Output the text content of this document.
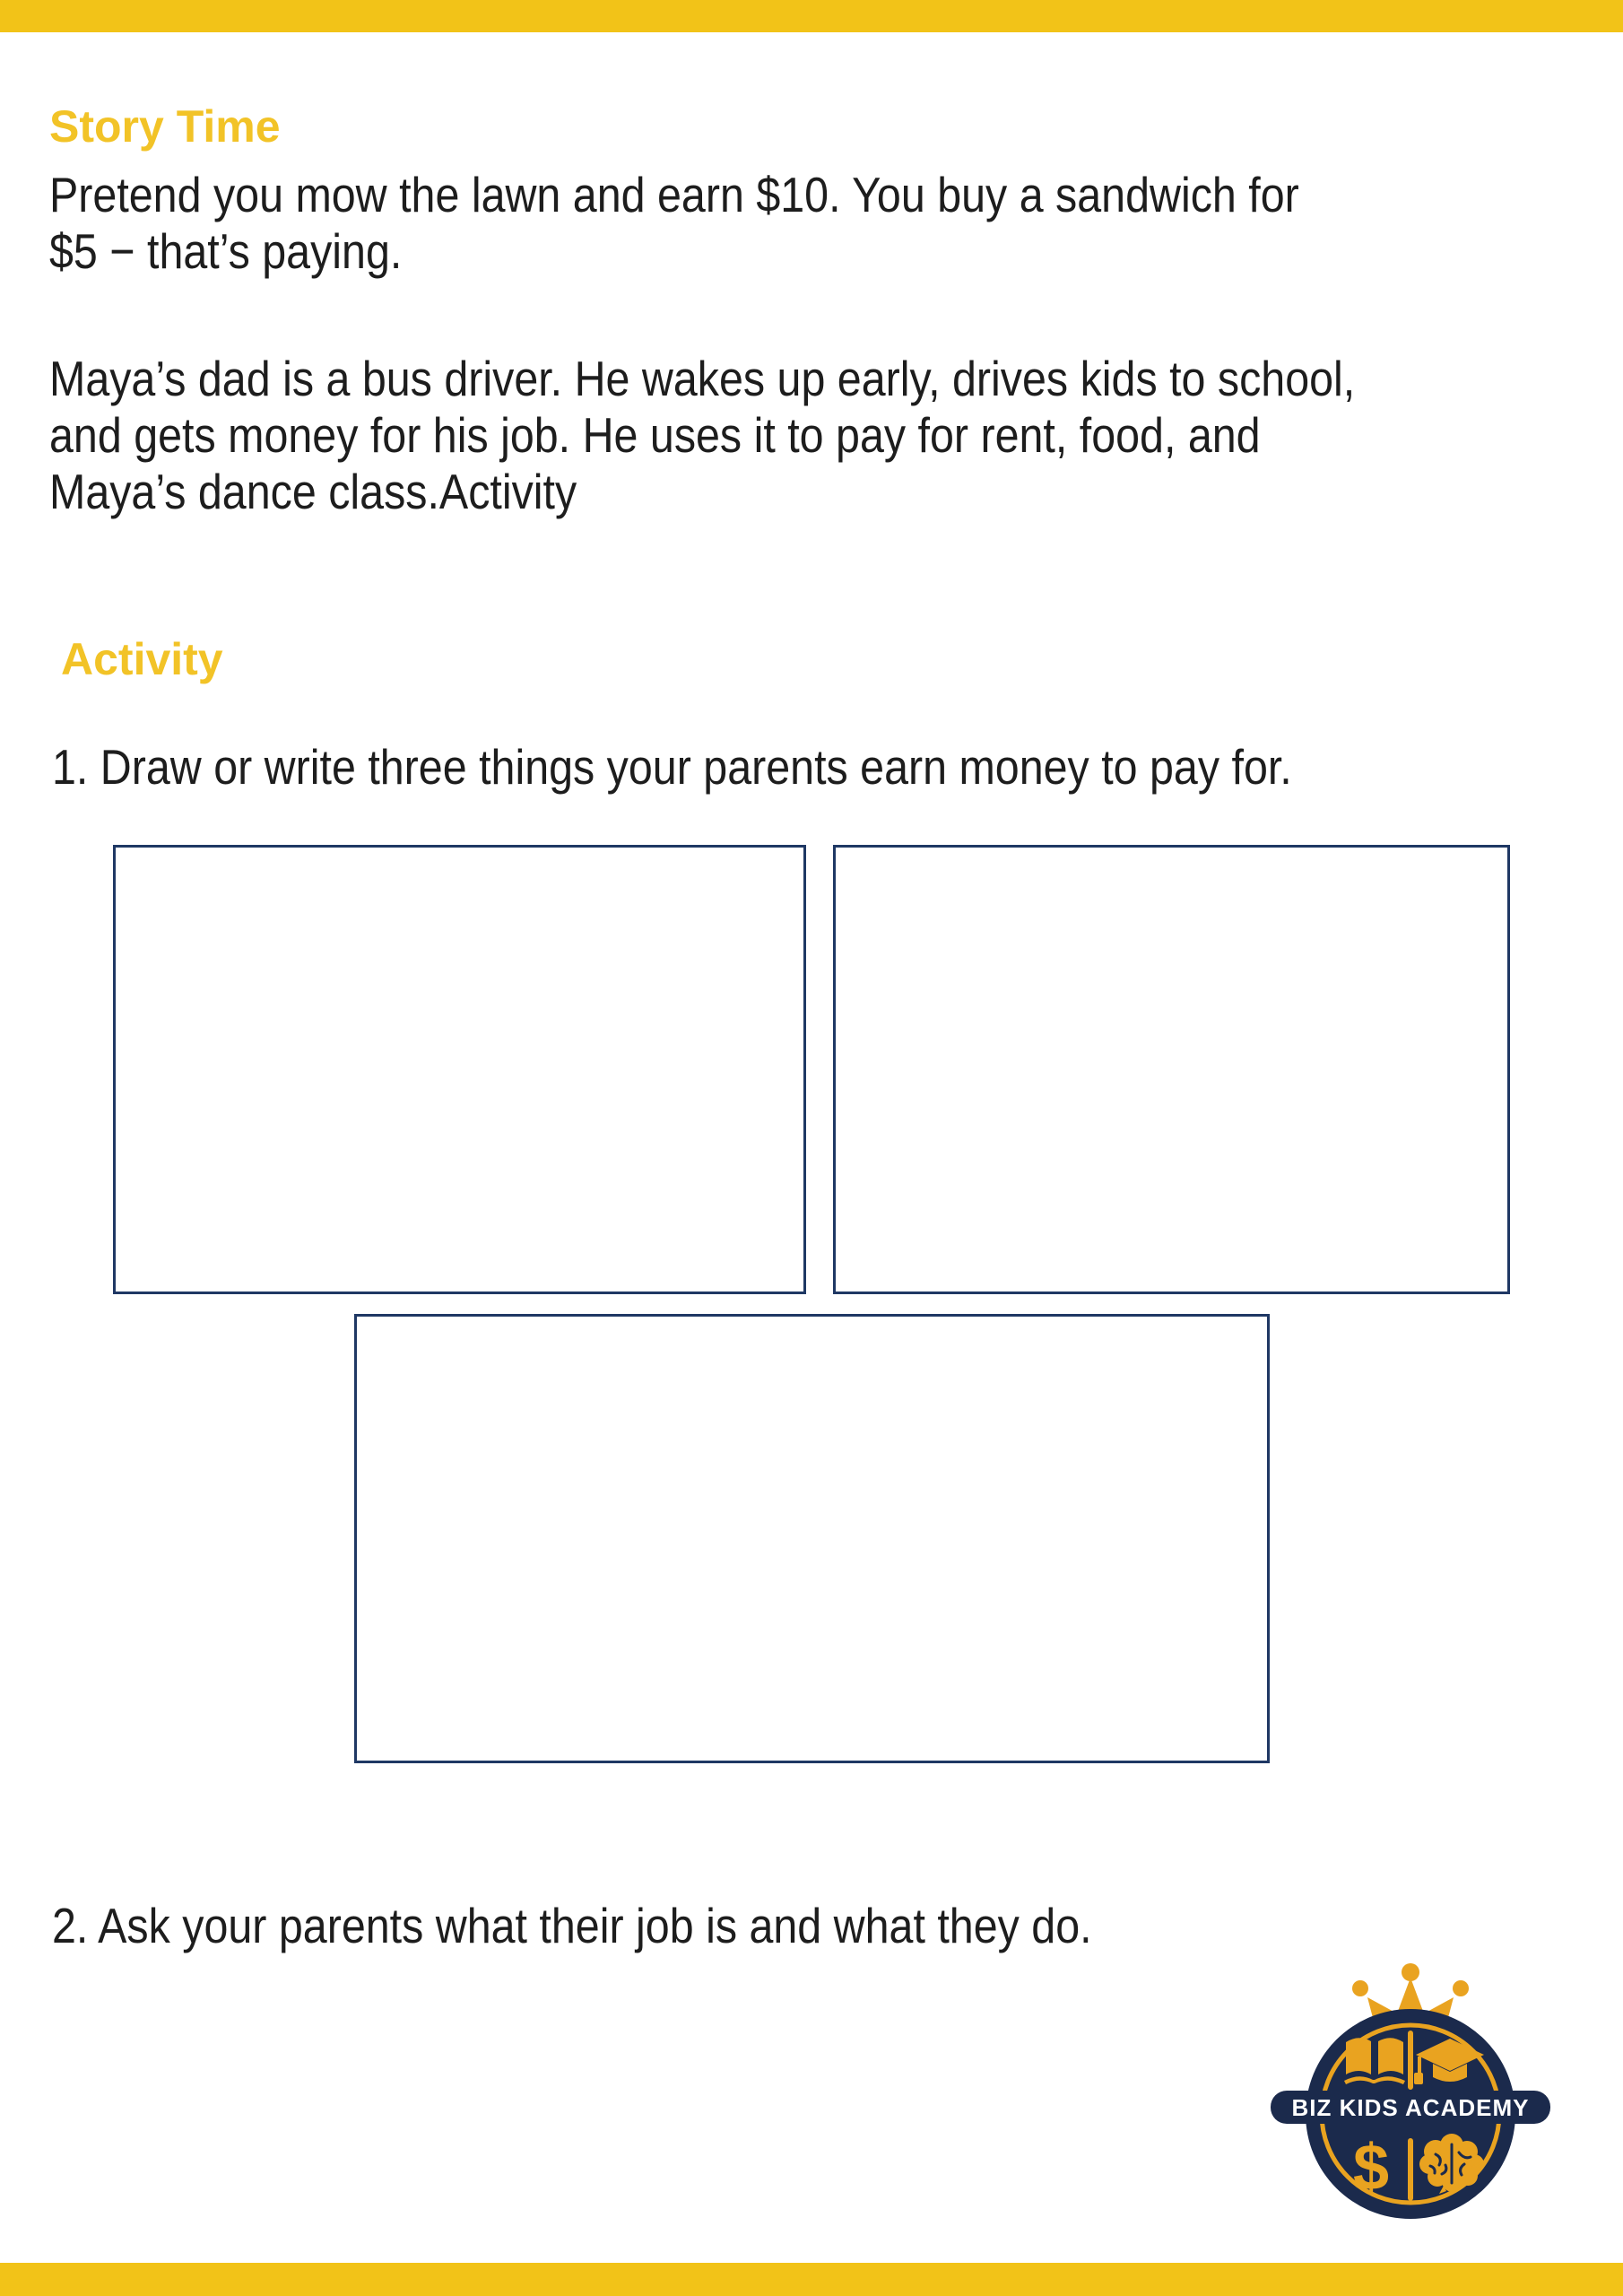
Story Time
Pretend you mow the lawn and earn $10. You buy a sandwich for
$5 − that’s paying.
Maya’s dad is a bus driver. He wakes up early, drives kids to school,
and gets money for his job. He uses it to pay for rent, food, and
Maya’s dance class.Activity
Activity
1. Draw or write three things your parents earn money to pay for.
2. Ask your parents what their job is and what they do.
BIZ KIDS ACADEMY
$
